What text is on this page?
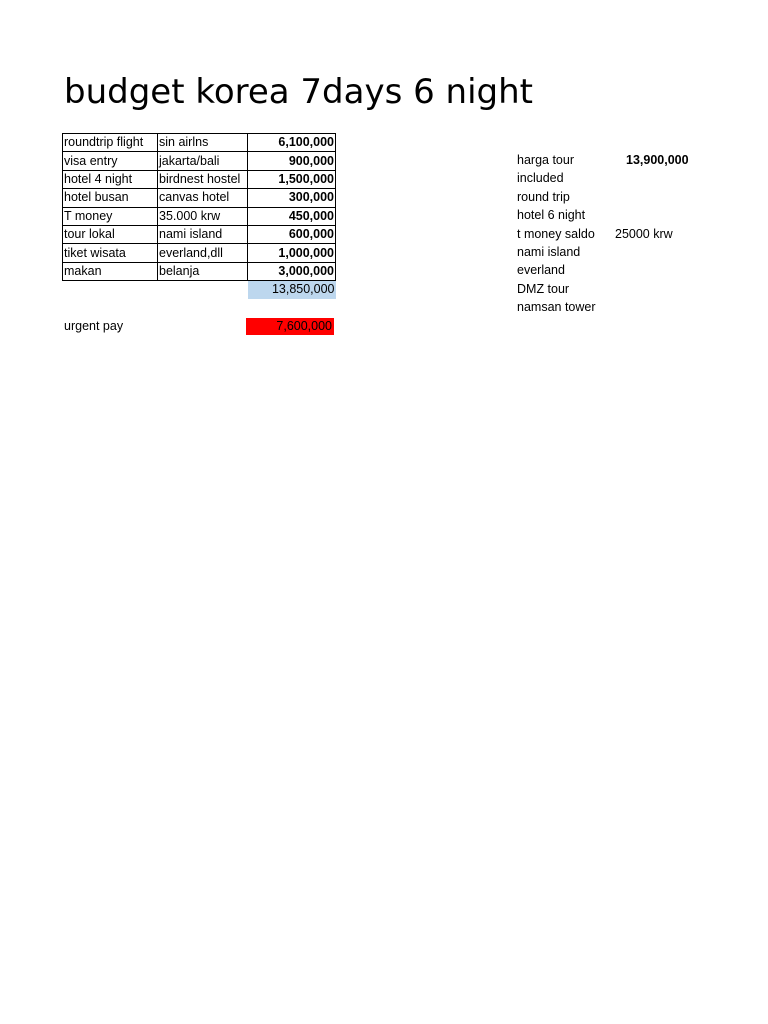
budget korea 7days 6 night
roundtrip flight	sin airlns	6,100,000
visa entry	jakarta/bali	900,000
hotel 4 night	birdnest hostel	1,500,000
hotel busan	canvas hotel	300,000
T money	35.000 krw	450,000
tour lokal	nami island	600,000
tiket wisata	everland,dll	1,000,000
makan	belanja	3,000,000
		13,850,000
urgent pay	7,600,000
harga tour	13,900,000
included
round trip
hotel 6 night
t money saldo 25000 krw
nami island
everland
DMZ tour
namsan tower
